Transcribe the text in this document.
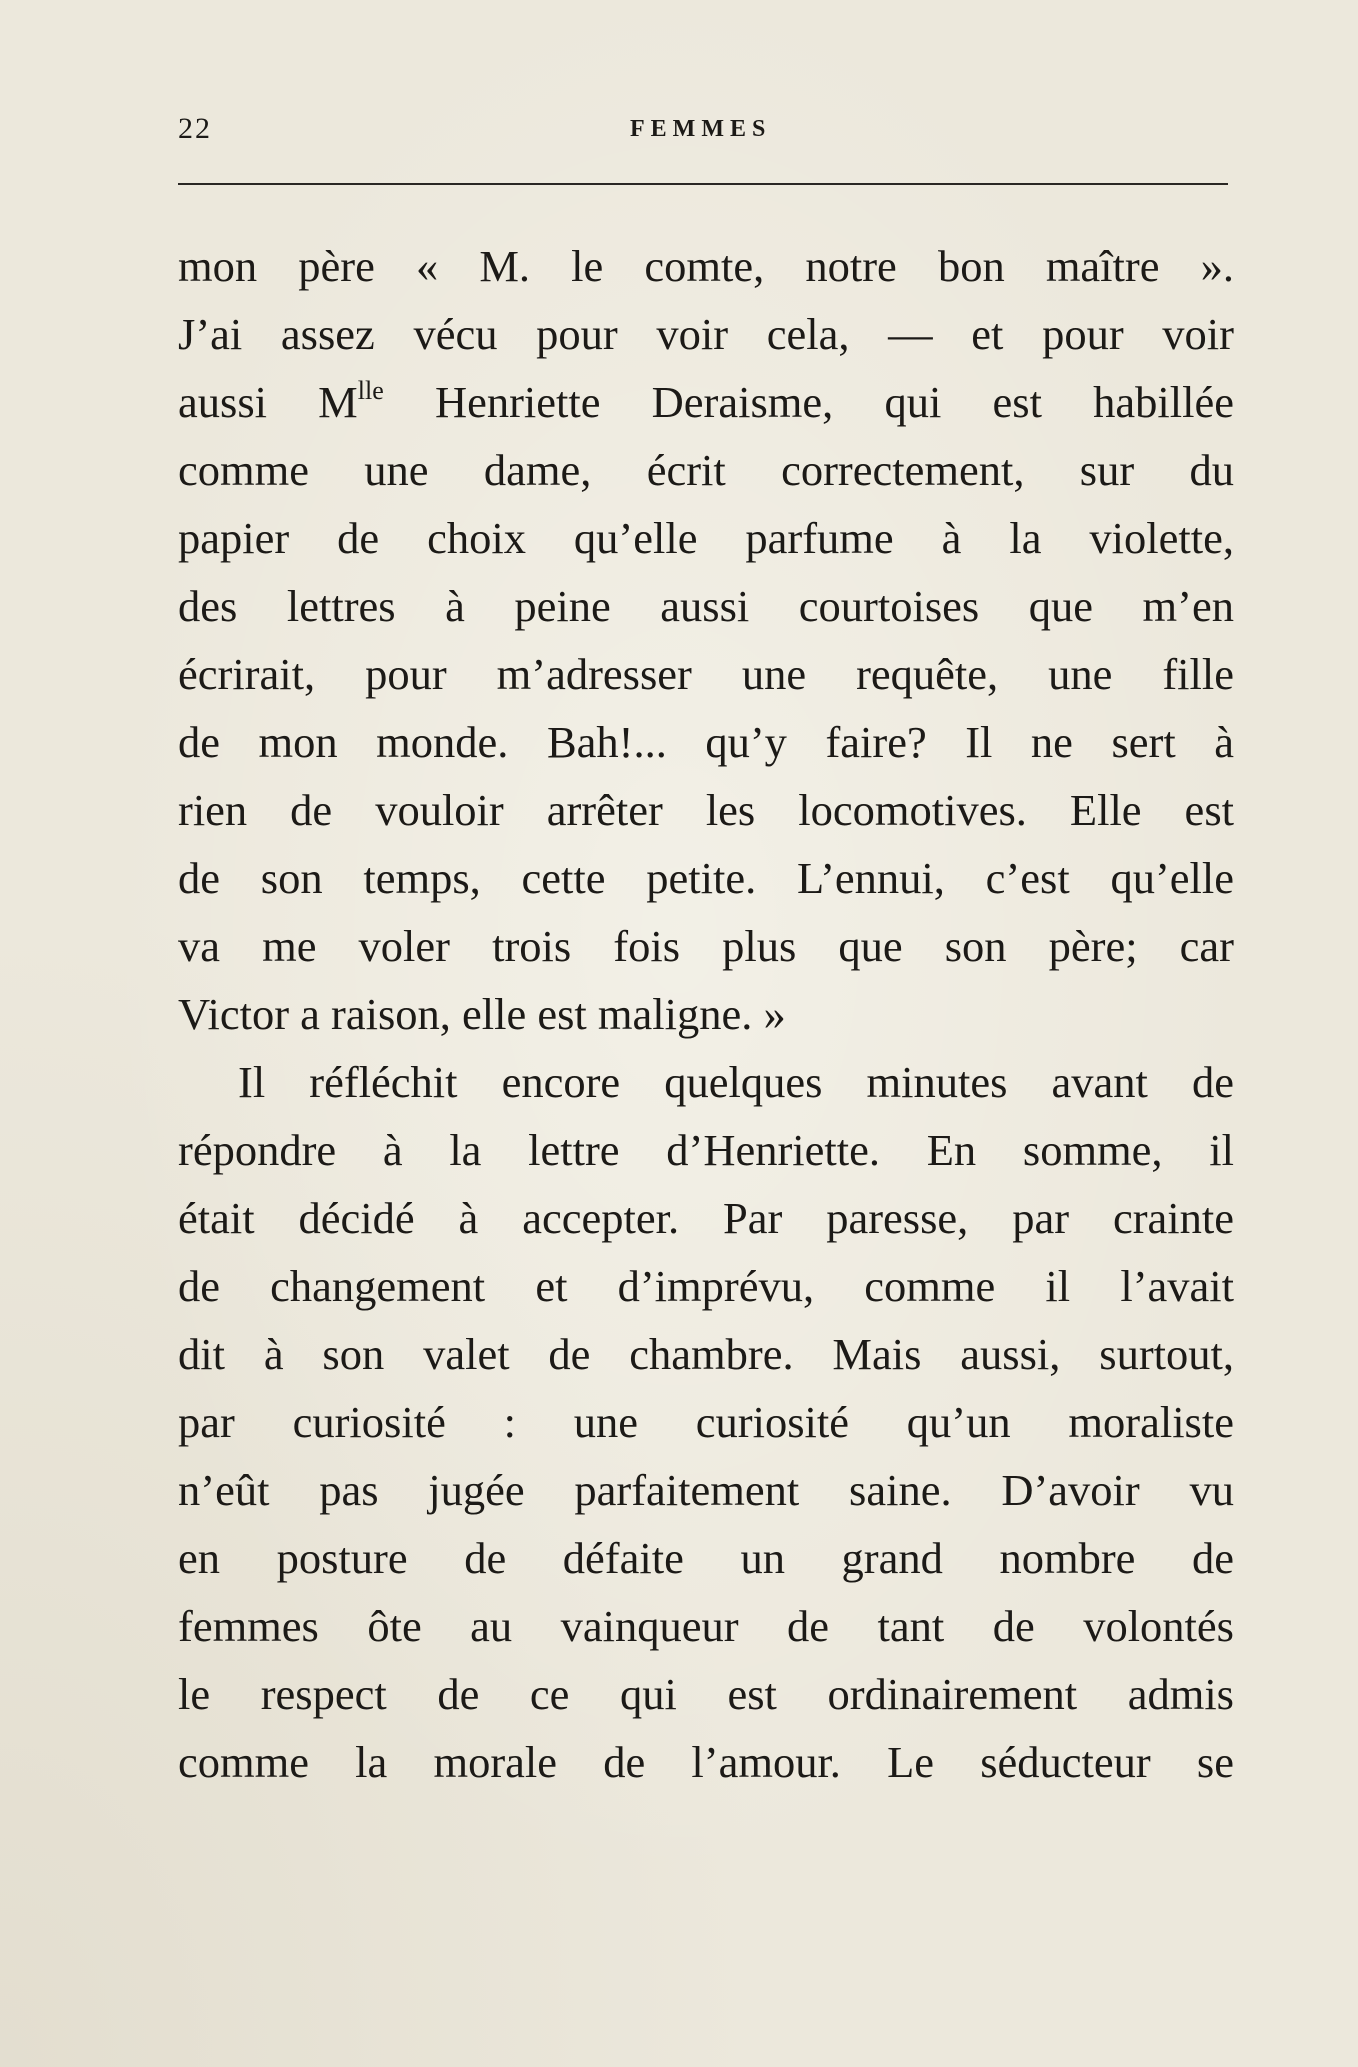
22	FEMMES
mon père « M. le comte, notre bon maître ».
J’ai assez vécu pour voir cela, — et pour voir
aussi $M^{lle}$ Henriette Deraisme, qui est habillée
comme une dame, écrit correctement, sur du
papier de choix qu’elle parfume à la violette,
des lettres à peine aussi courtoises que m’en
écrirait, pour m’adresser une requête, une fille
de mon monde. Bah!... qu’y faire? Il ne sert à
rien de vouloir arrêter les locomotives. Elle est
de son temps, cette petite. L’ennui, c’est qu’elle
va me voler trois fois plus que son père; car
Victor a raison, elle est maligne. »
Il réfléchit encore quelques minutes avant de
répondre à la lettre d’Henriette. En somme, il
était décidé à accepter. Par paresse, par crainte
de changement et d’imprévu, comme il l’avait
dit à son valet de chambre. Mais aussi, surtout,
par curiosité : une curiosité qu’un moraliste
n’eût pas jugée parfaitement saine. D’avoir vu
en posture de défaite un grand nombre de
femmes ôte au vainqueur de tant de volontés
le respect de ce qui est ordinairement admis
comme la morale de l’amour. Le séducteur se
